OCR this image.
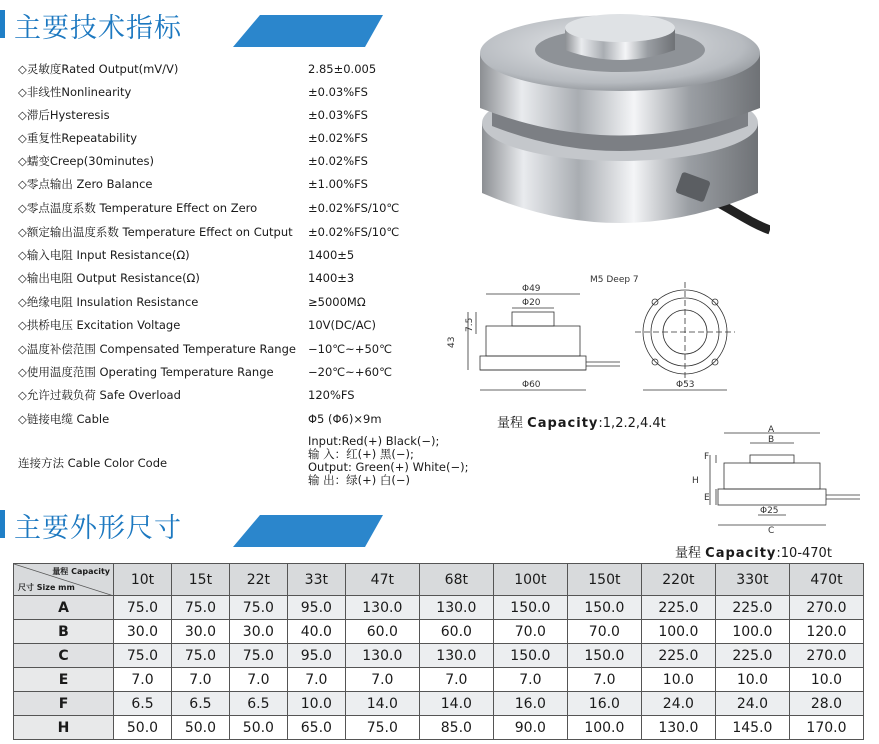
主要技术指标
◇灵敏度Rated Output(mV/V)	2.85±0.005
◇非线性Nonlinearity	±0.03%FS
◇滞后Hysteresis	±0.03%FS
◇重复性Repeatability	±0.02%FS
◇蠕变Creep(30minutes)	±0.02%FS
◇零点输出 Zero Balance	±1.00%FS
◇零点温度系数 Temperature Effect on Zero	±0.02%FS/10℃
◇额定输出温度系数 Temperature Effect on Cutput ±0.02%FS/10℃
◇输入电阻 Input Resistance(Ω)	1400±5
◇输出电阻 Output Resistance(Ω)	1400±3
◇绝缘电阻 Insulation Resistance	≥5000MΩ
◇拱桥电压 Excitation Voltage	10V(DC/AC)
◇温度补偿范围 Compensated Temperature Range −10℃~+50℃
◇使用温度范围 Operating Temperature Range	−20℃~+60℃
◇允许过载负荷 Safe Overload	120%FS
◇链接电缆 Cable	Φ5 (Φ6)×9m
连接方法 Cable Color Code
Input:Red(+) Black(−);
输 入：红(+) 黑(−);
Output: Green(+) White(−);
输 出：绿(+) 白(−)
Φ49
Φ20
Φ60
43
7.5
M5 Deep 7
Φ53
量程 Capacity:1,2.2,4.4t	A
B
F
H
E
Φ25
C
量程 Capacity:10-470t
主要外形尺寸
量程 Capacity
尺寸 Size mm	10t	15t	22t	33t	47t	68t	100t	150t	220t	330t	470t
A	75.0	75.0	75.0	95.0	130.0	130.0	150.0	150.0	225.0	225.0	270.0
B	30.0	30.0	30.0	40.0	60.0	60.0	70.0	70.0	100.0	100.0	120.0
C	75.0	75.0	75.0	95.0	130.0	130.0	150.0	150.0	225.0	225.0	270.0
E	7.0	7.0	7.0	7.0	7.0	7.0	7.0	7.0	10.0	10.0	10.0
F	6.5	6.5	6.5	10.0	14.0	14.0	16.0	16.0	24.0	24.0	28.0
H	50.0	50.0	50.0	65.0	75.0	85.0	90.0	100.0	130.0	145.0	170.0
